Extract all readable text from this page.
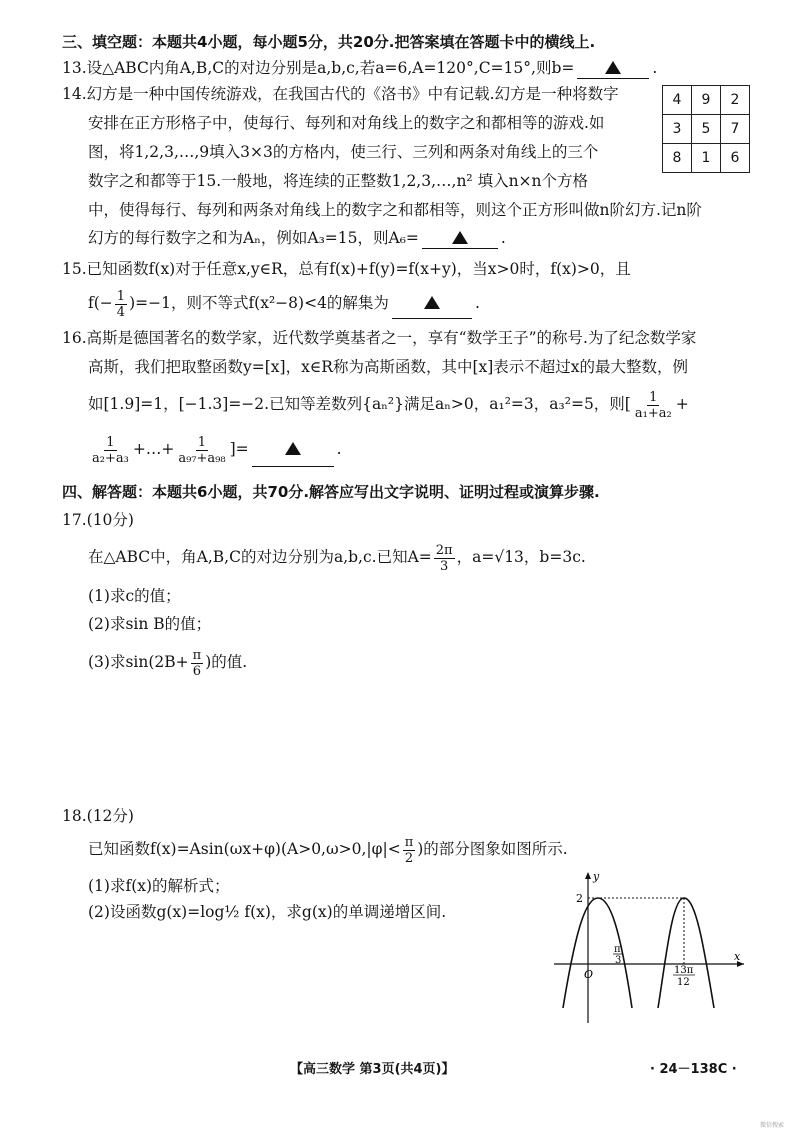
三、填空题：本题共4小题，每小题5分，共20分.把答案填在答题卡中的横线上.
13.设△ABC内角A,B,C的对边分别是a,b,c,若a=6,A=120°,C=15°,则b=	.
14.幻方是一种中国传统游戏，在我国古代的《洛书》中有记载.幻方是一种将数字
安排在正方形格子中，使每行、每列和对角线上的数字之和都相等的游戏.如
图，将1,2,3,…,9填入3×3的方格内，使三行、三列和两条对角线上的三个
数字之和都等于15.一般地，将连续的正整数1,2,3,…,n² 填入n×n个方格
中，使得每行、每列和两条对角线上的数字之和都相等，则这个正方形叫做n阶幻方.记n阶
幻方的每行数字之和为Aₙ，例如A₃=15，则A₆=	.
4	9	2
3	5	7
8	1	6
15.已知函数f(x)对于任意x,y∈R，总有f(x)+f(y)=f(x+y)，当x>0时，f(x)>0，且
$f(- \frac{1}{4} )=-1$，则不等式f(x²−8)<4的解集为	.
16.高斯是德国著名的数学家，近代数学奠基者之一，享有“数学王子”的称号.为了纪念数学家
高斯，我们把取整函数y=[x]，x∈R称为高斯函数，其中[x]表示不超过x的最大整数，例
如[1.9]=1，[−1.3]=−2.已知等差数列{aₙ²}满足aₙ>0，a₁²=3，a₃²=5，则[ $\frac{1}{\text{a₁+a₂}}$ +
$\frac{1}{\text{a₂+a₃}}$ +…+ $\frac{1}{\text{a₉₇+a₉₈}}$ ]=	.
四、解答题：本题共6小题，共70分.解答应写出文字说明、证明过程或演算步骤.
17.(10分)
在△ABC中，角A,B,C的对边分别为a,b,c.已知$A= \frac{2\pi}{3}$ ，a=√13，b=3c.
(1)求c的值；
(2)求sin B的值；
(3)求$\sin(2B+ \frac{\pi}{6}$ )的值.
18.(12分)
已知函数$f(x)=Asin(\omega x+\varphi)(A>0,\omega>0,|\varphi|< \frac{\pi}{2}$ )的部分图象如图所示.
(1)求f(x)的解析式；
(2)设函数g(x)=log½ f(x)，求g(x)的单调递增区间.
y
x
O
2
π
3
13π
12
【高三数学 第3页(共4页)】	· 24－138C ·
微信搜索
